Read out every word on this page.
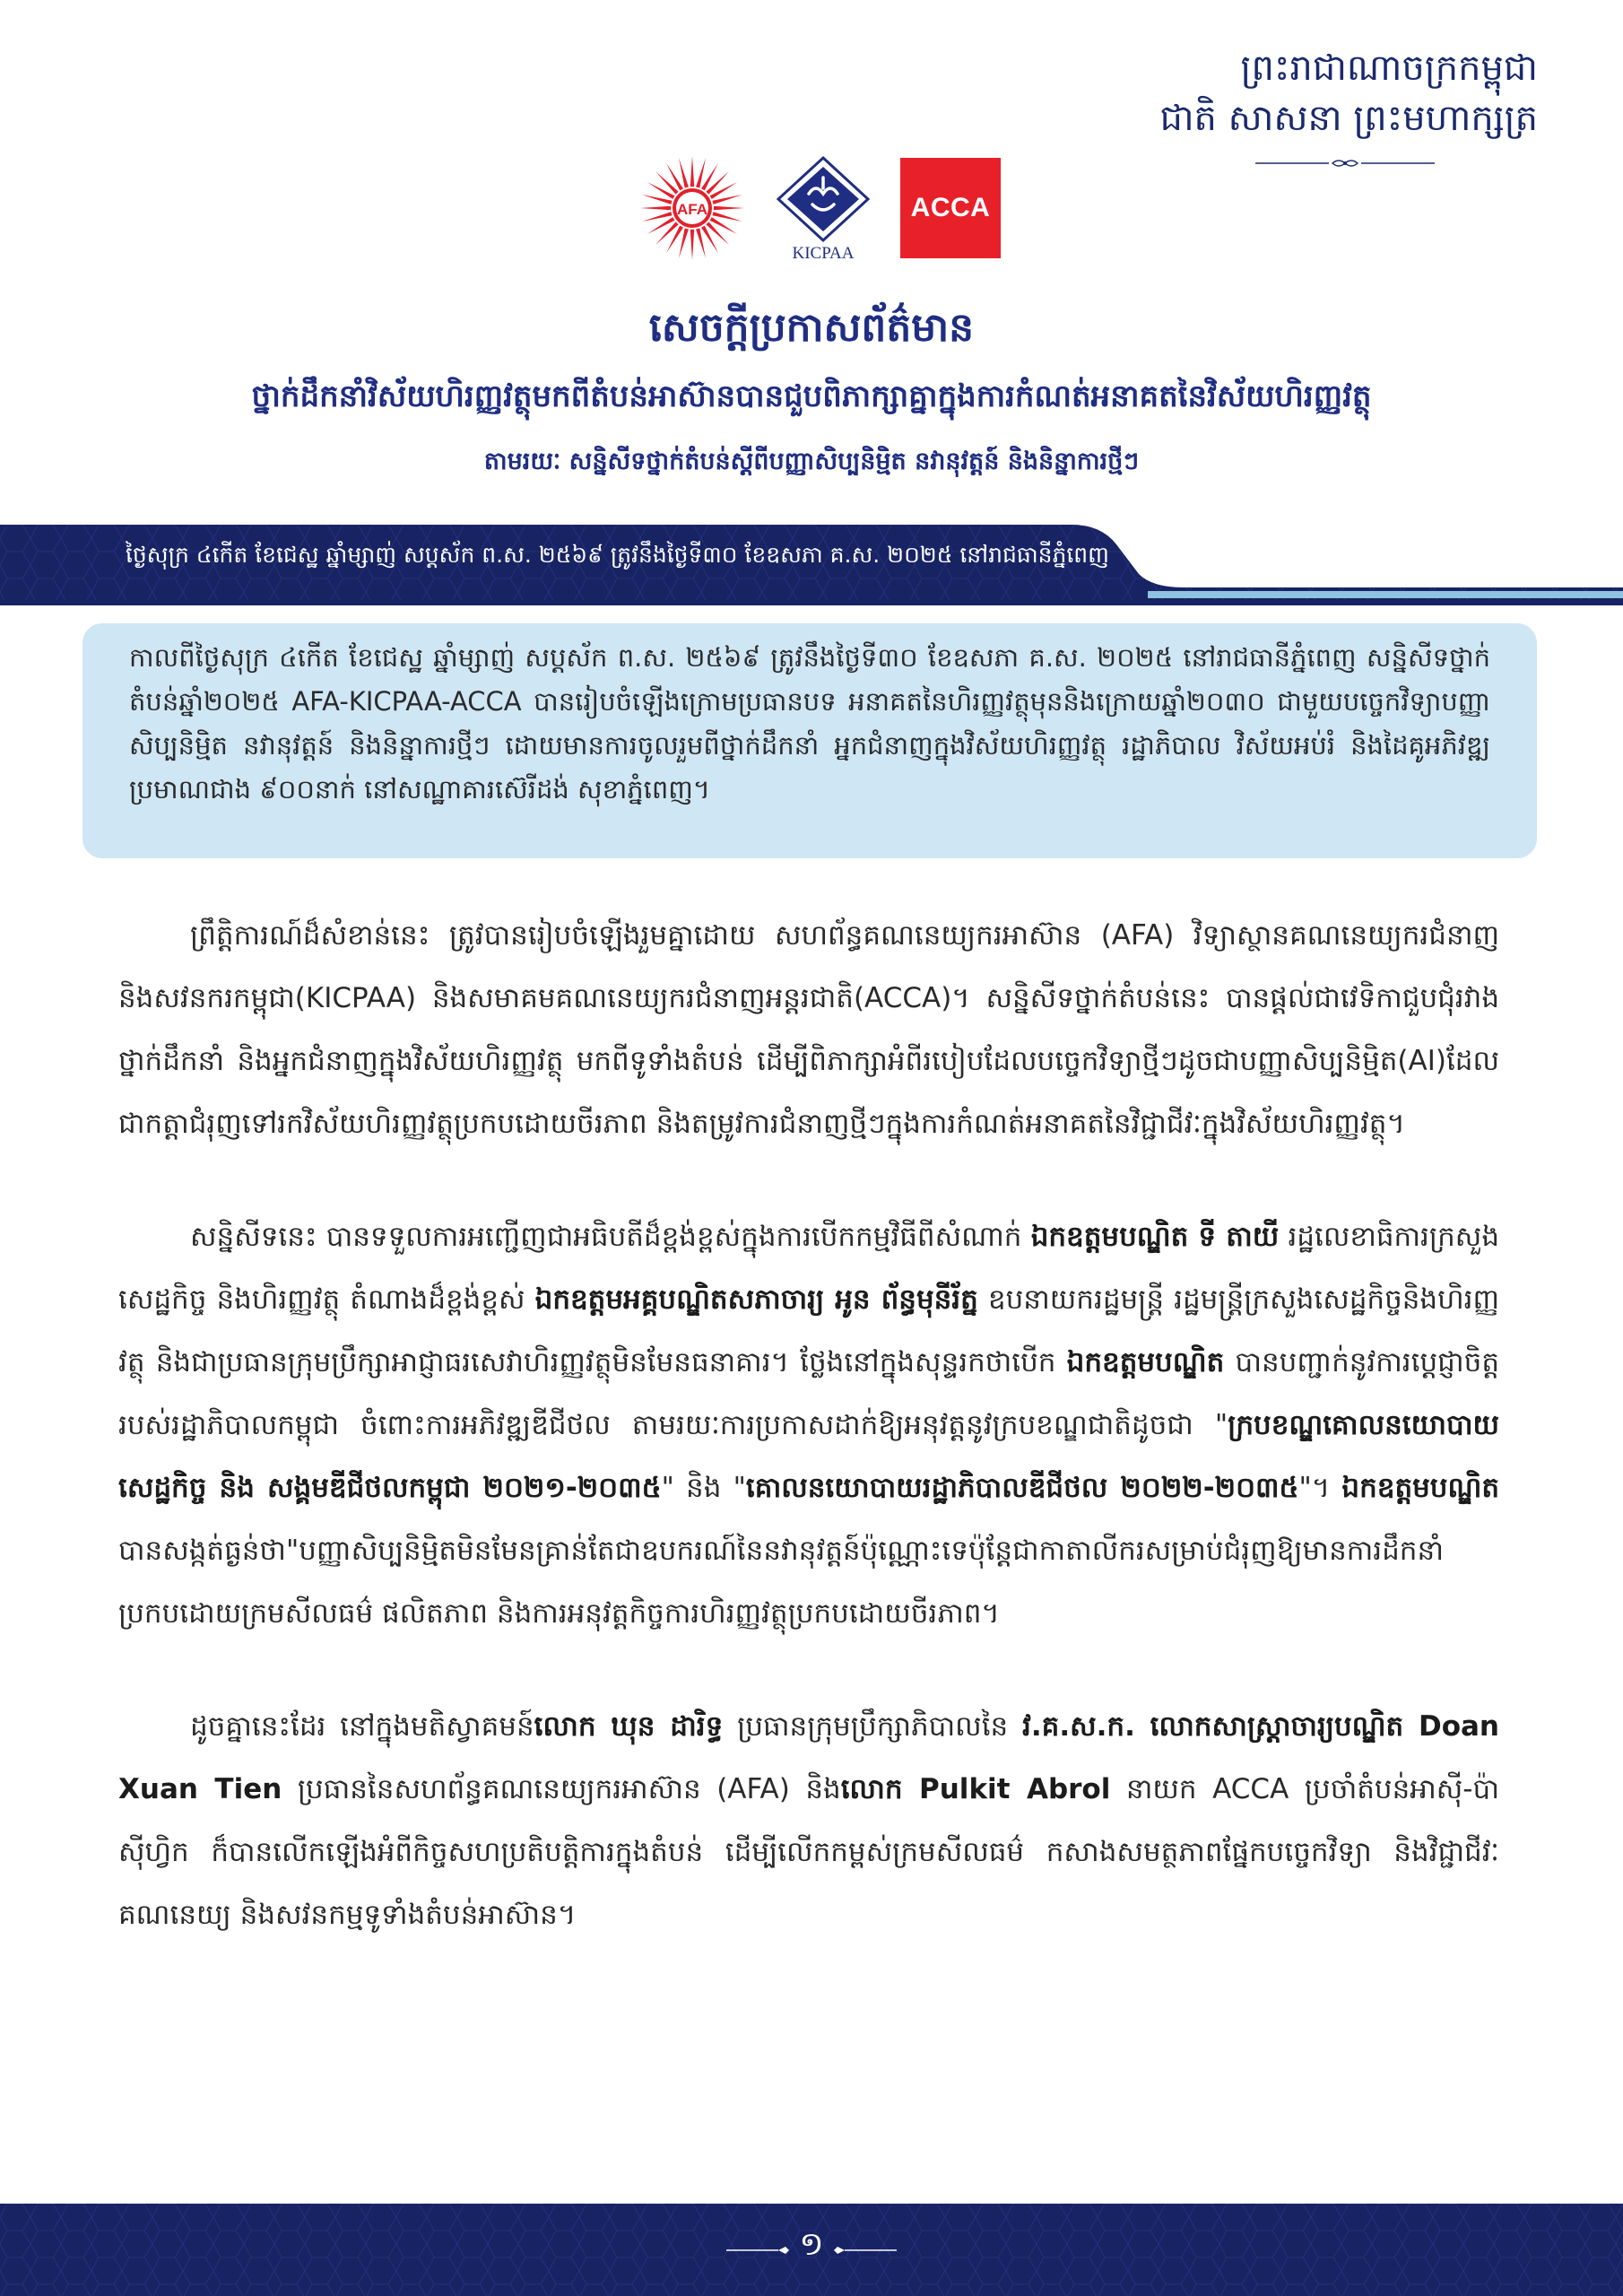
ព្រះរាជាណាចក្រកម្ពុជា
ជាតិ សាសនា ព្រះមហាក្សត្រ
AFA
KICPAA
ACCA
សេចក្តីប្រកាសព័ត៌មាន
ថ្នាក់ដឹកនាំវិស័យហិរញ្ញវត្ថុមកពីតំបន់អាស៊ានបានជួបពិភាក្សាគ្នាក្នុងការកំណត់អនាគតនៃវិស័យហិរញ្ញវត្ថុ
តាមរយៈ សន្និសីទថ្នាក់តំបន់ស្តីពីបញ្ញាសិប្បនិម្មិត នវានុវត្តន៍ និងនិន្នាការថ្មីៗ
ថ្ងៃសុក្រ ៤កើត ខែជេស្ឋ ឆ្នាំម្សាញ់ សប្តស័ក ព.ស. ២៥៦៩ ត្រូវនឹងថ្ងៃទី៣០ ខែឧសភា គ.ស. ២០២៥ នៅរាជធានីភ្នំពេញ

កាលពីថ្ងៃសុក្រ ៤កើត ខែជេស្ឋ ឆ្នាំម្សាញ់ សប្តស័ក ព.ស. ២៥៦៩ ត្រូវនឹងថ្ងៃទី៣០ ខែឧសភា គ.ស. ២០២៥ នៅរាជធានីភ្នំពេញ សន្និសីទថ្នាក់តំបន់ឆ្នាំ២០២៥ AFA-KICPAA-ACCA បានរៀបចំឡើងក្រោមប្រធានបទ អនាគតនៃហិរញ្ញវត្ថុមុននិងក្រោយឆ្នាំ២០៣០ ជាមួយបច្ចេកវិទ្យាបញ្ញាសិប្បនិម្មិត នវានុវត្តន៍ និងនិន្នាការថ្មីៗ ដោយមានការចូលរួមពីថ្នាក់ដឹកនាំ អ្នកជំនាញក្នុងវិស័យហិរញ្ញវត្ថុ រដ្ឋាភិបាល វិស័យអប់រំ និងដៃគូអភិវឌ្ឍ ប្រមាណជាង ៩០០នាក់ នៅសណ្ឋាគារ​ស៊េរីដង់ សុខាភ្នំពេញ។

ព្រឹត្តិការណ៍ដ៏សំខាន់នេះ ត្រូវបានរៀបចំឡើងរួមគ្នាដោយ សហព័ន្ធគណនេយ្យករអាស៊ាន (AFA) វិទ្យាស្ថានគណនេយ្យករជំនាញ និងសវនករកម្ពុជា(KICPAA) និងសមាគមគណនេយ្យករជំនាញអន្តរជាតិ(ACCA)។ សន្និសីទថ្នាក់តំបន់នេះ បានផ្តល់ជាវេទិកាជួបជុំរវាងថ្នាក់ដឹកនាំ និងអ្នកជំនាញក្នុងវិស័យហិរញ្ញវត្ថុ មកពីទូទាំងតំបន់ ដើម្បីពិភាក្សាអំពីរបៀបដែលបច្ចេកវិទ្យាថ្មីៗដូចជាបញ្ញាសិប្បនិម្មិត(AI)ដែលជាកត្តាជំរុញទៅរកវិស័យហិរញ្ញវត្ថុប្រកបដោយចីរភាព និងតម្រូវការជំនាញថ្មីៗក្នុងការកំណត់អនាគតនៃវិជ្ជាជីវៈក្នុងវិស័យហិរញ្ញវត្ថុ។

សន្និសីទនេះ បានទទួលការអញ្ជើញជាអធិបតីដ៏ខ្ពង់ខ្ពស់ក្នុងការបើកកម្មវិធីពីសំណាក់ ឯកឧត្តមបណ្ឌិត ទី តាយី រដ្ឋលេខាធិការក្រសួងសេដ្ឋកិច្ច និងហិរញ្ញវត្ថុ តំណាងដ៏ខ្ពង់ខ្ពស់ ឯកឧត្តមអគ្គបណ្ឌិតសភាចារ្យ អូន ព័ន្ធមុនីរ័ត្ន ឧបនាយករដ្ឋមន្រ្តី រដ្ឋមន្រ្តីក្រសួងសេដ្ឋកិច្ចនិងហិរញ្ញវត្ថុ និងជាប្រធានក្រុមប្រឹក្សាអាជ្ញាធរសេវាហិរញ្ញវត្ថុមិនមែនធនាគារ។ ថ្លែងនៅក្នុងសុន្ទរកថាបើក ឯកឧត្តមបណ្ឌិត បានបញ្ជាក់នូវការប្តេជ្ញាចិត្តរបស់រដ្ឋាភិបាលកម្ពុជា ចំពោះការអភិវឌ្ឍឌីជីថល តាមរយៈការប្រកាសដាក់ឱ្យអនុវត្តនូវក្របខណ្ឌជាតិដូចជា "ក្របខណ្ឌគោលនយោបាយសេដ្ឋកិច្ច និង សង្គមឌីជីថលកម្ពុជា ២០២១-២០៣៥" និង "គោលនយោបាយរដ្ឋាភិបាលឌីជីថល ២០២២-២០៣៥"។ ឯកឧត្តមបណ្ឌិត បានសង្កត់ធ្ងន់ថា"បញ្ញាសិប្បនិម្មិតមិនមែនគ្រាន់តែជាឧបករណ៍នៃនវានុវត្តន៍ប៉ុណ្ណោះទេប៉ុន្តែជាកាតាលីករសម្រាប់ជំរុញឱ្យមានការដឹកនាំប្រកបដោយក្រមសីលធម៌ ផលិតភាព និងការអនុវត្តកិច្ចការហិរញ្ញវត្ថុប្រកបដោយចីរភាព។

ដូចគ្នានេះដែរ នៅក្នុងមតិស្វាគមន៍លោក ឃុន ដារិទ្ធ ប្រធានក្រុមប្រឹក្សាភិបាលនៃ វ.គ.ស.ក. លោកសាស្ត្រាចារ្យបណ្ឌិត Doan Xuan Tien ប្រធាននៃសហព័ន្ធគណនេយ្យករអាស៊ាន (AFA) និងលោក Pulkit Abrol នាយក ACCA ប្រចាំតំបន់អាស៊ី-ប៉ាស៊ីហ្វិក ក៏បានលើកឡើងអំពីកិច្ចសហប្រតិបត្តិការក្នុងតំបន់ ដើម្បីលើកកម្ពស់ក្រមសីលធម៌ កសាងសមត្ថភាពផ្នែកបច្ចេកវិទ្យា និងវិជ្ជាជីវៈគណនេយ្យ និងសវនកម្មទូទាំងតំបន់អាស៊ាន។

១
